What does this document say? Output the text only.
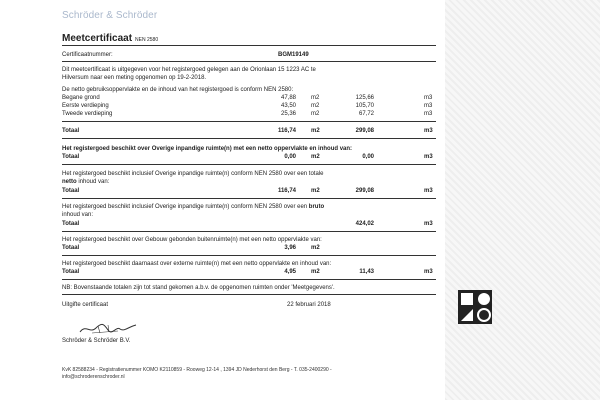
Schröder & Schröder
Meetcertificaat NEN 2580
Certificaatnummer:	BGM19149
Dit meetcertificaat is uitgegeven voor het registergoed gelegen aan de Orionlaan 15 1223 AC te
Hilversum naar een meting opgenomen op 19-2-2018.
De netto gebruiksoppervlakte en de inhoud van het registergoed is conform NEN 2580:
Begane grond	47,88	m2	125,66	m3
Eerste verdieping	43,50	m2	105,70	m3
Tweede verdieping	25,36	m2	67,72	m3
Totaal	116,74	m2	299,08	m3
Het registergoed beschikt over Overige inpandige ruimte(n) met een netto oppervlakte en inhoud van:
Totaal	0,00	m2	0,00	m3
Het registergoed beschikt inclusief Overige inpandige ruimte(n) conform NEN 2580 over een totale
netto inhoud van:
Totaal	116,74	m2	299,08	m3
Het registergoed beschikt inclusief Overige inpandige ruimte(n) conform NEN 2580 over een bruto
inhoud van:
Totaal	424,02	m3
Het registergoed beschikt over Gebouw gebonden buitenruimte(n) met een netto oppervlakte van:
Totaal	3,96	m2
Het registergoed beschikt daarnaast over externe ruimte(n) met een netto oppervlakte en inhoud van:
Totaal	4,95	m2	11,43	m3
NB: Bovenstaande totalen zijn tot stand gekomen a.b.v. de opgenomen ruimten onder 'Meetgegevens'.
Uitgifte certificaat	22 februari 2018
Schröder & Schröder B.V.
KvK 82588234 - Registratienummer KOMO K2110859 - Rooweg 12-14 , 1394 JD Nederhorst den Berg - T. 035-2400290 -
info@schroderenschroder.nl
